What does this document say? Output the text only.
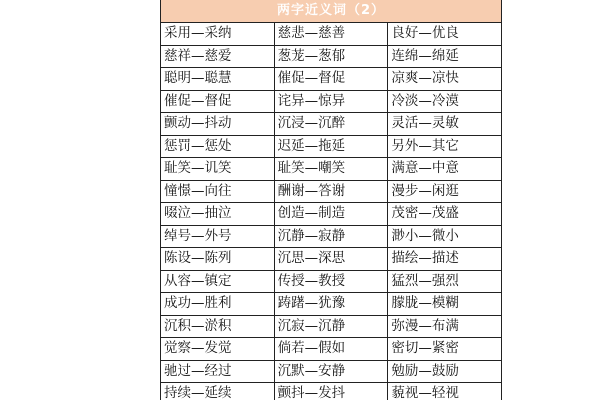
两字近义词（2）
采用—采纳	慈悲—慈善	良好—优良
慈祥—慈爱	葱茏—葱郁	连绵—绵延
聪明—聪慧	催促—督促	凉爽—凉快
催促—督促	诧异—惊异	冷淡—冷漠
颤动—抖动	沉浸—沉醉	灵活—灵敏
惩罚—惩处	迟延—拖延	另外—其它
耻笑—讥笑	耻笑—嘲笑	满意—中意
憧憬—向往	酬谢—答谢	漫步—闲逛
啜泣—抽泣	创造—制造	茂密—茂盛
绰号—外号	沉静—寂静	渺小—微小
陈设—陈列	沉思—深思	描绘—描述
从容—镇定	传授—教授	猛烈—强烈
成功—胜利	踌躇—犹豫	朦胧—模糊
沉积—淤积	沉寂—沉静	弥漫—布满
觉察—发觉	倘若—假如	密切—紧密
驰过—经过	沉默—安静	勉励—鼓励
持续—延续	颤抖—发抖	藐视—轻视
